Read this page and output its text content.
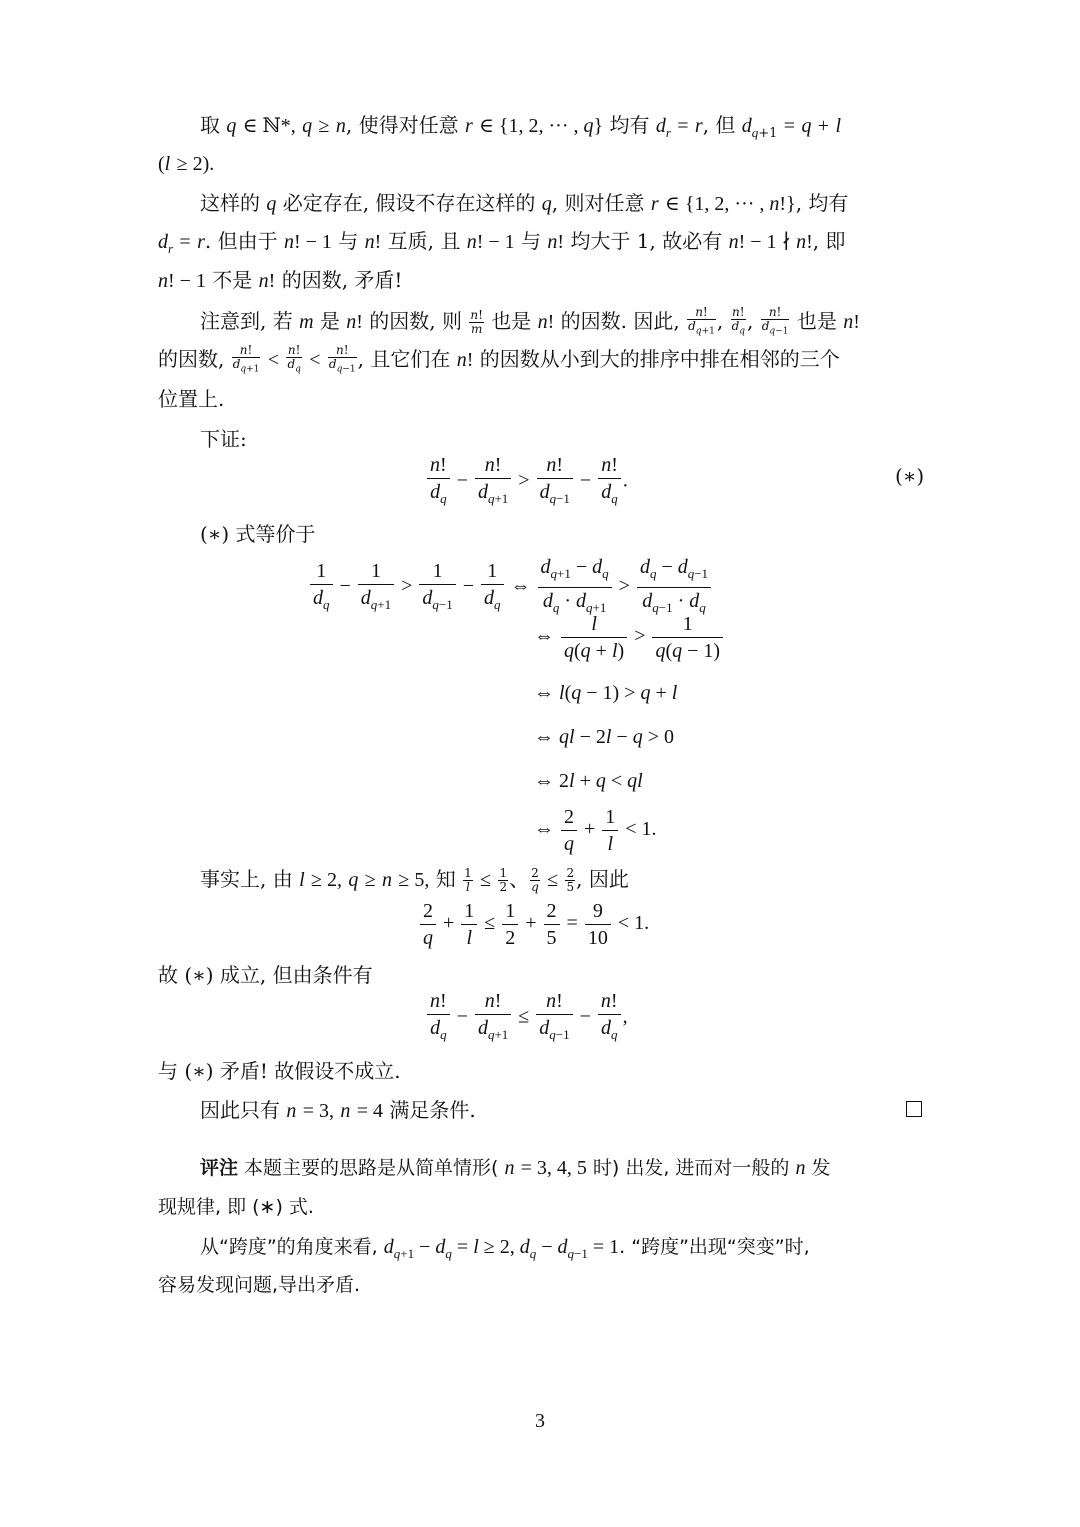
取 q ∈ ℕ*, q ≥ n, 使得对任意 r ∈ {1, 2, ··· , q} 均有 $d_r = r$, 但 $d_{q+1} = q + l$
(l ≥ 2).
这样的 q 必定存在, 假设不存在这样的 q, 则对任意 r ∈ {1, 2, ··· , n!}, 均有
$d_r = r$. 但由于 n! − 1 与 n! 互质, 且 n! − 1 与 n! 均大于 1, 故必有 n! − 1 ∤ n!, 即
n! − 1 不是 n! 的因数, 矛盾!
注意到, 若 m 是 n! 的因数, 则 $\frac{n!}{m}$ 也是 n! 的因数. 因此, $\frac{n!}{d_{q+1}}$ , $\frac{n!}{d_q}$ , $\frac{n!}{d_{q-1}}$ 也是 n!
的因数, $\frac{n!}{d_{q+1}} < \frac{n!}{d_q} < \frac{n!}{d_{q-1}}$ , 且它们在 n! 的因数从小到大的排序中排在相邻的三个
位置上.
下证:
$\frac{n!}{d_q} - \frac{n!}{d_{q+1}} > \frac{n!}{d_{q-1}} - \frac{n!}{d_q}$ .	(∗)
(∗) 式等价于
$\frac{1}{d_q} - \frac{1}{d_{q+1}} > \frac{1}{d_{q-1}} - \frac{1}{d_q}$ ⇔ $\frac{d_{q+1} - d_q}{d_q \cdot d_{q+1}} > \frac{d_q - d_{q-1}}{d_{q-1} \cdot d_q}$
⇔ $\frac{l}{q(q + l)} > \frac{1}{q(q - 1)}$
⇔ l(q − 1) > q + l
⇔ ql − 2l − q > 0
⇔ 2l + q < ql
⇔ $\frac{2}{q} + \frac{1}{l} < 1$.
事实上, 由 l ≥ 2, q ≥ n ≥ 5, 知 $\frac{1}{l} \le \frac{1}{2}$ 、 $\frac{2}{q} \le \frac{2}{5}$ , 因此
$\frac{2}{q} + \frac{1}{l} \le \frac{1}{2} + \frac{2}{5} = \frac{9}{10} < 1$.
故 (∗) 成立, 但由条件有
$\frac{n!}{d_q} - \frac{n!}{d_{q+1}} \le \frac{n!}{d_{q-1}} - \frac{n!}{d_q}$ ,
与 (∗) 矛盾! 故假设不成立.
因此只有 n = 3, n = 4 满足条件.
评注 本题主要的思路是从简单情形( n = 3, 4, 5 时) 出发, 进而对一般的 n 发
现规律, 即 (∗) 式.
从“跨度”的角度来看, $d_{q+1} - d_q = l \ge 2$, $d_q - d_{q-1} = 1$. “跨度”出现“突变”时,
容易发现问题,导出矛盾.
3
